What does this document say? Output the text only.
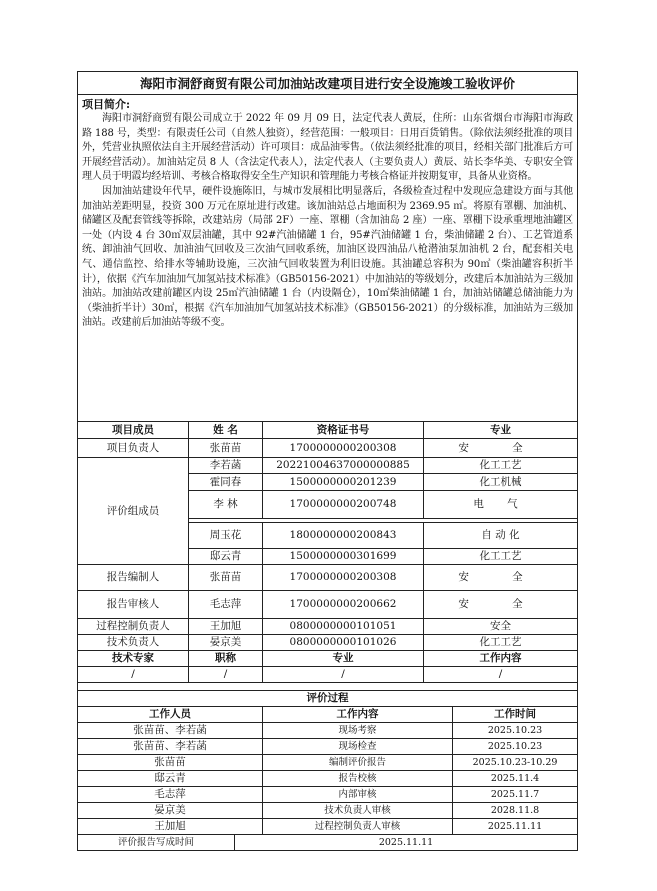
海阳市洞舒商贸有限公司加油站改建项目进行安全设施竣工验收评价					

项目简介:

海阳市洞舒商贸有限公司成立于 2022 年 09 月 09 日，法定代表人黄辰，住所：山东省烟台市海阳市海政路 188 号，类型：有限责任公司（自然人独资），经营范围：一般项目：日用百货销售。（除依法须经批准的项目外，凭营业执照依法自主开展经营活动）许可项目：成品油零售。（依法须经批准的项目，经相关部门批准后方可开展经营活动）。加油站定员 8 人（含法定代表人），法定代表人（主要负责人）黄辰、站长李华美、专职安全管理人员于明霞均经培训、考核合格取得安全生产知识和管理能力考核合格证并按期复审，具备从业资格。

因加油站建设年代早，硬件设施陈旧，与城市发展相比明显落后，各级检查过程中发现应急建设方面与其他加油站差距明显，投资 300 万元在原址进行改建。该加油站总占地面积为 2369.95 ㎡。将原有罩棚、加油机、储罐区及配套管线等拆除，改建站房（局部 2F）一座、罩棚（含加油岛 2 座）一座、罩棚下设承重埋地油罐区一处（内设 4 台 30㎥双层油罐，其中 92#汽油储罐 1 台，95#汽油储罐 1 台，柴油储罐 2 台）、工艺管道系统、卸油油气回收、加油油气回收及三次油气回收系统，加油区设四油品八枪潜油泵加油机 2 台，配套相关电气、通信监控、给排水等辅助设施，三次油气回收装置为利旧设施。其油罐总容积为 90㎥（柴油罐容积折半计），依据《汽车加油加气加氢站技术标准》（GB50156-2021）中加油站的等级划分，改建后本加油站为三级加油站。加油站改建前罐区内设 25㎥汽油储罐 1 台（内设隔仓），10㎥柴油储罐 1 台，加油站储罐总储油能力为（柴油折半计）30㎥，根据《汽车加油加气加氢站技术标准》（GB50156-2021）的分级标准，加油站为三级加油站。改建前后加油站等级不变。					

项目成员	姓 名		资格证书号	专业	
项目负责人	张苗苗		1700000000200308	安 全	
评价组成员	李若菡		20221004637000000885	化工工艺	
	霍同春		1500000000201239	化工机械	
	李 林		1700000000200748	电 气	

	周玉花		1800000000200843	自 动 化	
	邸云青		1500000000301699	化工工艺	
报告编制人	张苗苗		1700000000200308	安 全	
报告审核人	毛志萍		1700000000200662	安 全	
过程控制负责人	王加旭		0800000000101051	安全	
技术负责人	晏京美		0800000000101026	化工工艺	
技术专家	职称		专业	工作内容	
/	/		/	/	

评价过程					
工作人员			工作内容		工作时间
张苗苗、李若菡			现场考察		2025.10.23
张苗苗、李若菡			现场检查		2025.10.23
张苗苗			编制评价报告		2025.10.23-10.29
邸云青			报告校核		2025.11.4
毛志萍			内部审核		2025.11.7
晏京美			技术负责人审核		2028.11.8
王加旭			过程控制负责人审核		2025.11.11
评价报告写成时间		2025.11.11			
